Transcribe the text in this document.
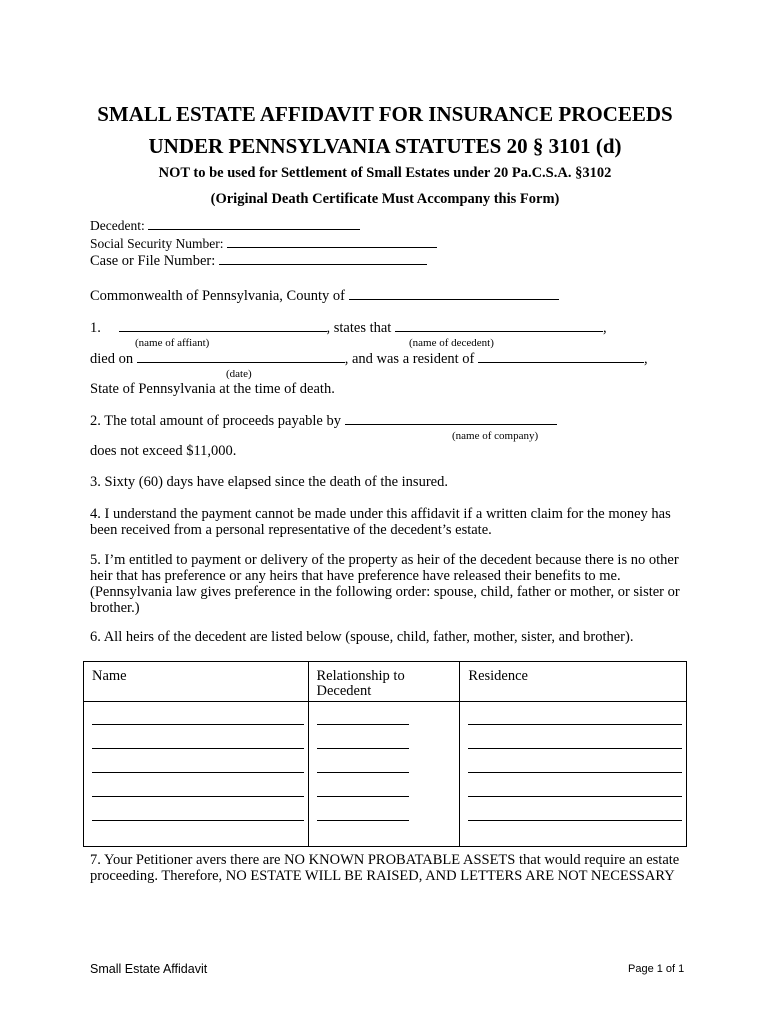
SMALL ESTATE AFFIDAVIT FOR INSURANCE PROCEEDS
UNDER PENNSYLVANIA STATUTES 20 § 3101 (d)
NOT to be used for Settlement of Small Estates under 20 Pa.C.S.A. §3102
(Original Death Certificate Must Accompany this Form)
Decedent:
Social Security Number:
Case or File Number:
Commonwealth of Pennsylvania, County of
1.	, states that	,
(name of affiant)	(name of decedent)
died on	, and was a resident of	,
(date)
State of Pennsylvania at the time of death.
2. The total amount of proceeds payable by
(name of company)
does not exceed $11,000.
3. Sixty (60) days have elapsed since the death of the insured.
4. I understand the payment cannot be made under this affidavit if a written claim for the money has been received from a personal representative of the decedent’s estate.
5. I’m entitled to payment or delivery of the property as heir of the decedent because there is no other heir that has preference or any heirs that have preference have released their benefits to me. (Pennsylvania law gives preference in the following order: spouse, child, father or mother, or sister or brother.)
6. All heirs of the decedent are listed below (spouse, child, father, mother, sister, and brother).
Name	Relationship to Decedent	Residence

7. Your Petitioner avers there are NO KNOWN PROBATABLE ASSETS that would require an estate proceeding. Therefore, NO ESTATE WILL BE RAISED, AND LETTERS ARE NOT NECESSARY
Small Estate Affidavit	Page 1 of 1
